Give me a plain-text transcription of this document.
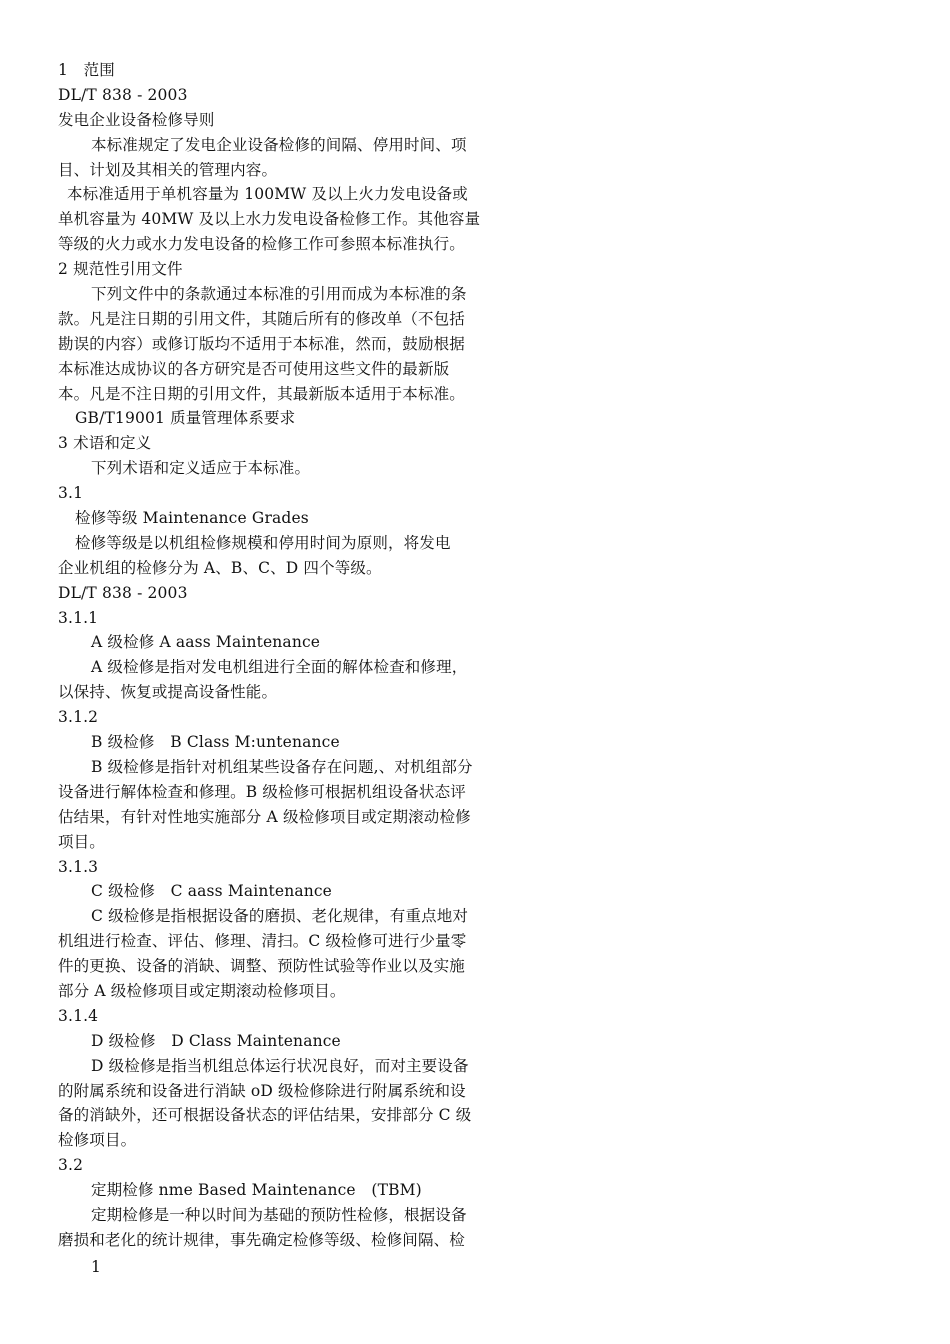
1　范围
DL/T 838 - 2003
发电企业设备检修导则
本标准规定了发电企业设备检修的间隔、停用时间、项
目、计划及其相关的管理内容。
本标准适用于单机容量为 100MW 及以上火力发电设备或
单机容量为 40MW 及以上水力发电设备检修工作。其他容量
等级的火力或水力发电设备的检修工作可参照本标准执行。
2 规范性引用文件
下列文件中的条款通过本标准的引用而成为本标准的条
款。凡是注日期的引用文件，其随后所有的修改单（不包括
勘误的内容）或修订版均不适用于本标准，然而，鼓励根据
本标准达成协议的各方研究是否可使用这些文件的最新版
本。凡是不注日期的引用文件，其最新版本适用于本标准。
GB/T19001 质量管理体系要求
3 术语和定义
下列术语和定义适应于本标准。
3.1
检修等级 Maintenance Grades
检修等级是以机组检修规模和停用时间为原则，将发电
企业机组的检修分为 A、B、C、D 四个等级。
DL/T 838 - 2003
3.1.1
A 级检修 A aass Maintenance
A 级检修是指对发电机组进行全面的解体检查和修理，
以保持、恢复或提高设备性能。
3.1.2
B 级检修　B Class M:untenance
B 级检修是指针对机组某些设备存在问题,、对机组部分
设备进行解体检查和修理。B 级检修可根据机组设备状态评
估结果，有针对性地实施部分 A 级检修项目或定期滚动检修
项目。
3.1.3
C 级检修　C aass Maintenance
C 级检修是指根据设备的磨损、老化规律，有重点地对
机组进行检查、评估、修理、清扫。C 级检修可进行少量零
件的更换、设备的消缺、调整、预防性试验等作业以及实施
部分 A 级检修项目或定期滚动检修项目。
3.1.4
D 级检修　D Class Maintenance
D 级检修是指当机组总体运行状况良好，而对主要设备
的附属系统和设备进行消缺 oD 级检修除进行附属系统和设
备的消缺外，还可根据设备状态的评估结果，安排部分 C 级
检修项目。
3.2
定期检修 nme Based Maintenance　(TBM)
定期检修是一种以时间为基础的预防性检修，根据设备
磨损和老化的统计规律，事先确定检修等级、检修间隔、检
1
